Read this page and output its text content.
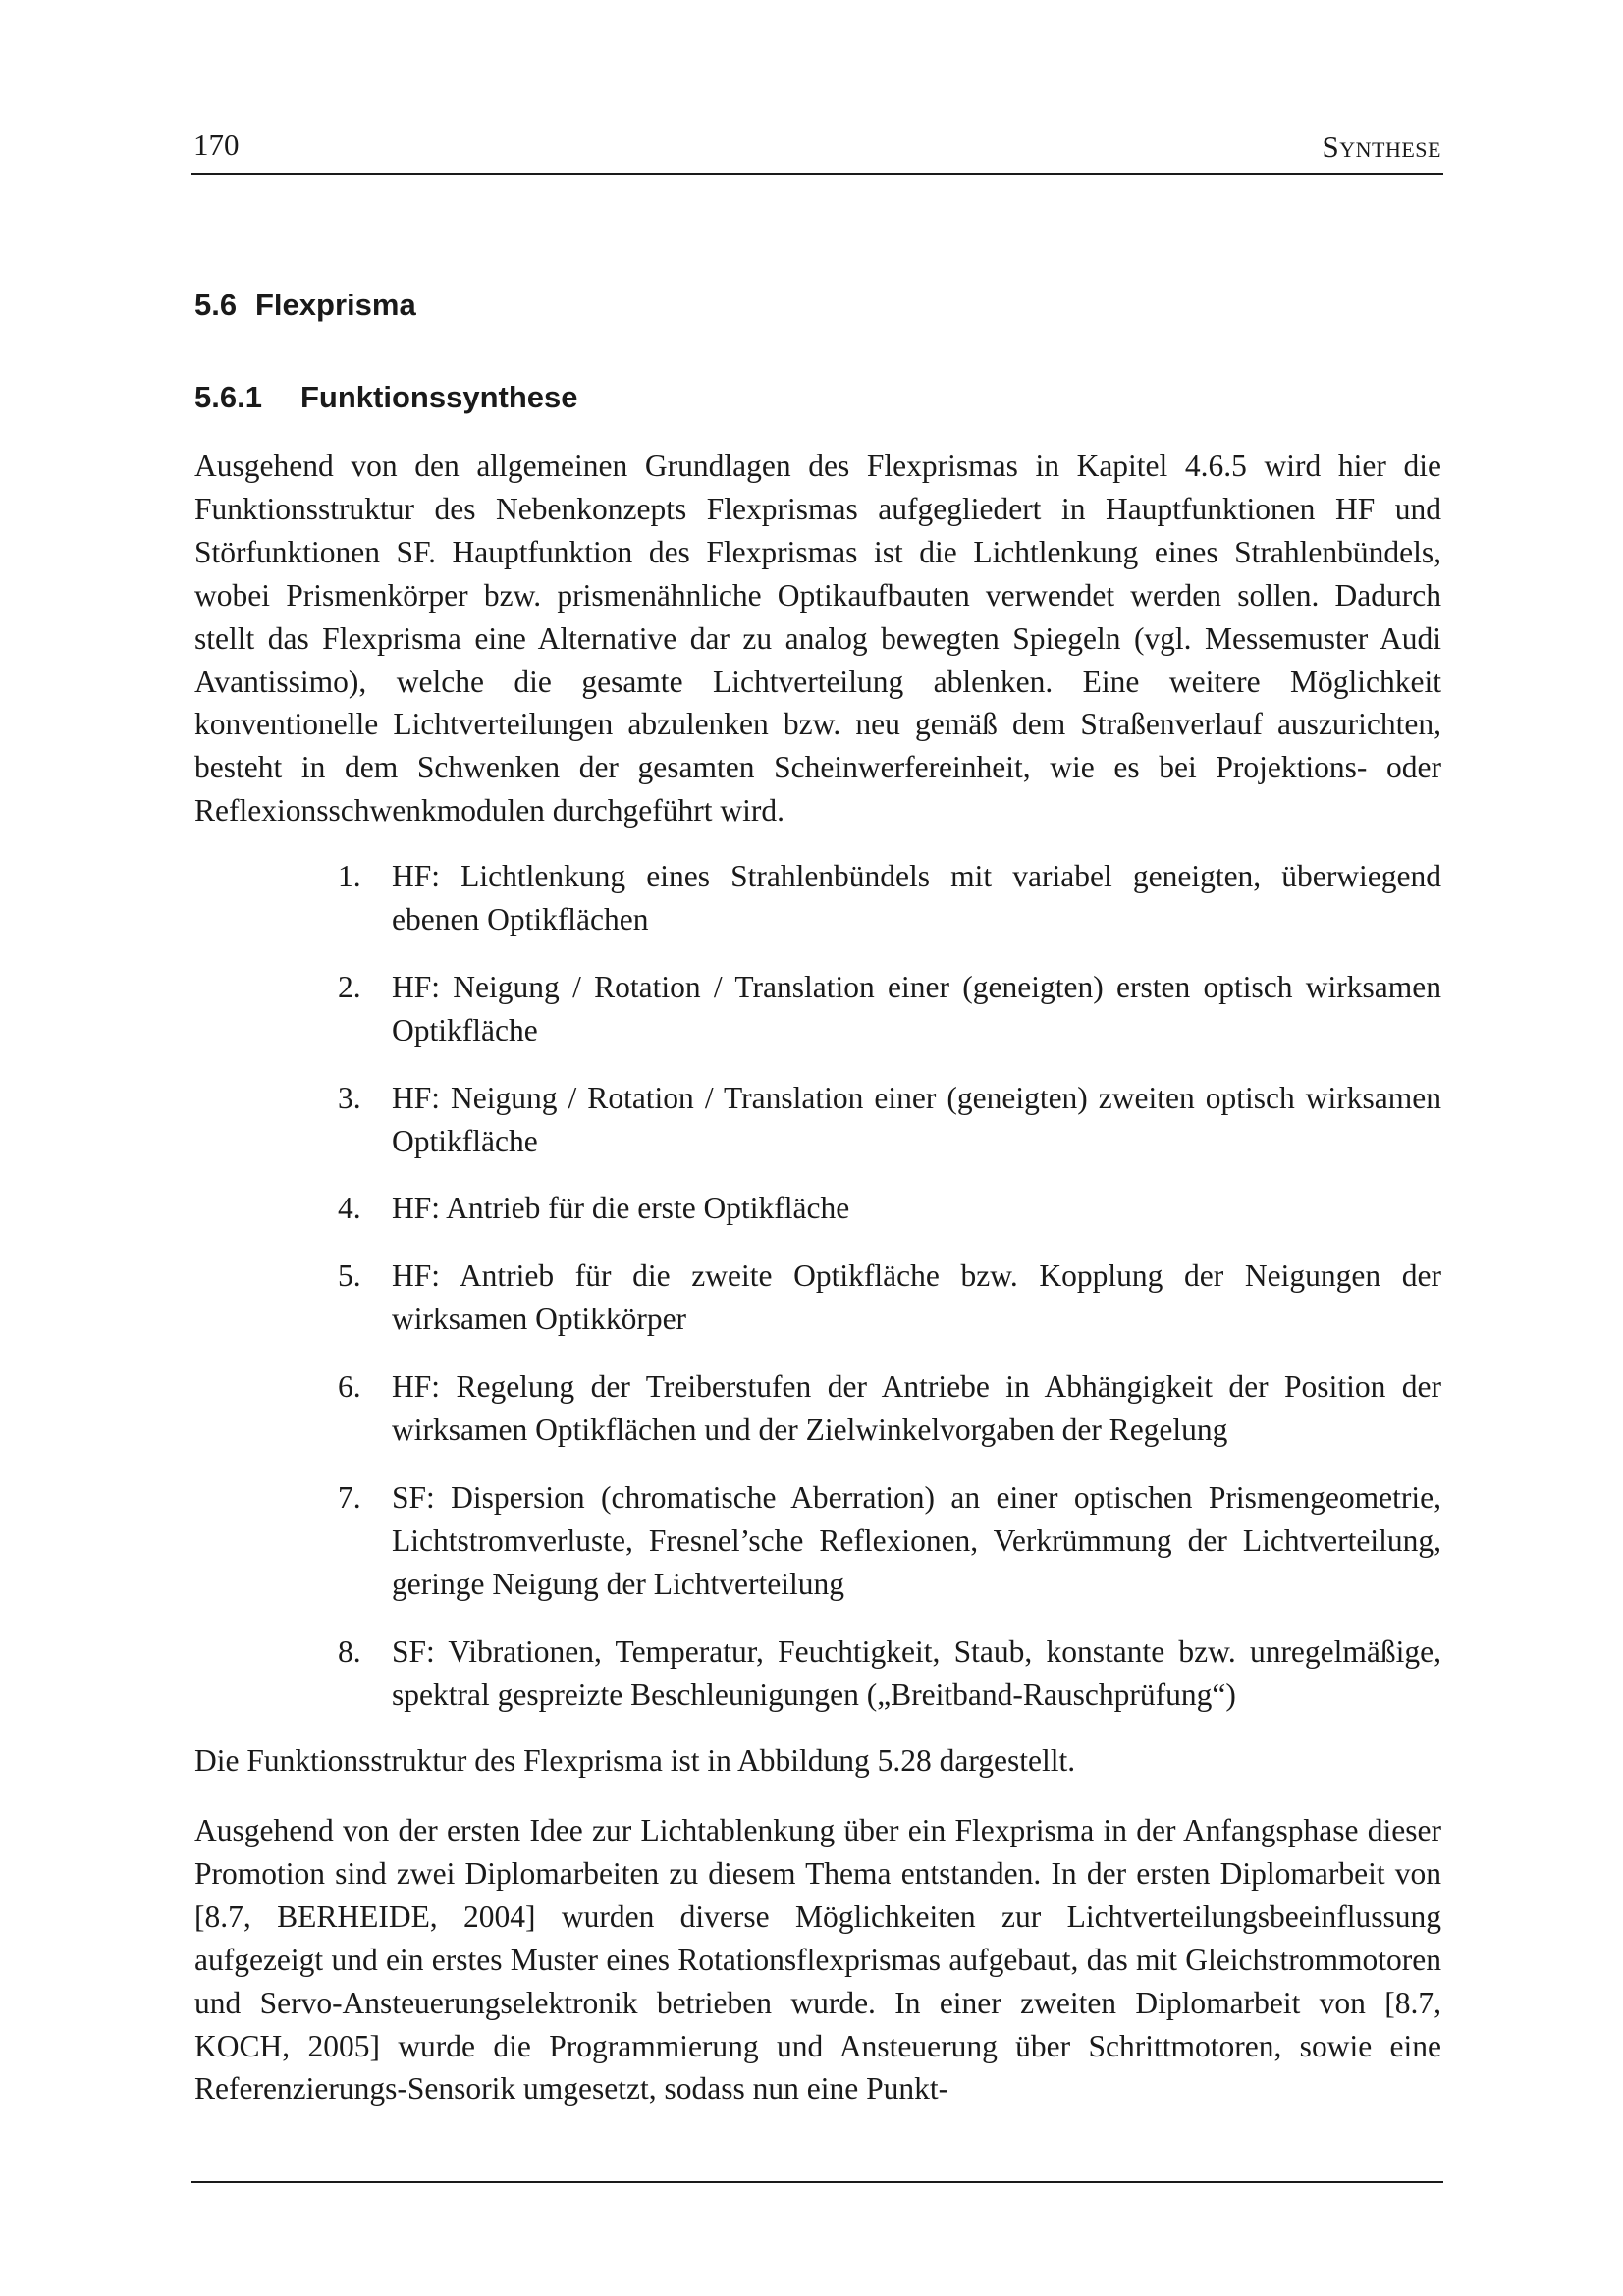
170	Synthese
5.6 Flexprisma
5.6.1 Funktionssynthese

Ausgehend von den allgemeinen Grundlagen des Flexprismas in Kapitel 4.6.5 wird hier die Funktionsstruktur des Nebenkonzepts Flexprismas aufgegliedert in Hauptfunktionen HF und Störfunktionen SF. Hauptfunktion des Flexprismas ist die Lichtlenkung eines Strahlenbündels, wobei Prismenkörper bzw. prismenähnliche Optikaufbauten verwendet werden sollen. Dadurch stellt das Flexprisma eine Alternative dar zu analog bewegten Spiegeln (vgl. Messemuster Audi Avantissimo), welche die gesamte Lichtverteilung ablenken. Eine weitere Möglichkeit konventionelle Lichtverteilungen abzulenken bzw. neu gemäß dem Straßenverlauf auszurichten, besteht in dem Schwenken der gesamten Scheinwerfereinheit, wie es bei Projektions- oder Reflexionsschwenkmodulen durchgeführt wird.

1. HF: Lichtlenkung eines Strahlenbündels mit variabel geneigten, überwiegend ebenen Optikflächen
2. HF: Neigung / Rotation / Translation einer (geneigten) ersten optisch wirksamen Optikfläche
3. HF: Neigung / Rotation / Translation einer (geneigten) zweiten optisch wirksamen Optikfläche
4. HF: Antrieb für die erste Optikfläche
5. HF: Antrieb für die zweite Optikfläche bzw. Kopplung der Neigungen der wirksamen Optikkörper
6. HF: Regelung der Treiberstufen der Antriebe in Abhängigkeit der Position der wirksamen Optikflächen und der Zielwinkelvorgaben der Regelung
7. SF: Dispersion (chromatische Aberration) an einer optischen Prismengeometrie, Lichtstromverluste, Fresnel’sche Reflexionen, Verkrümmung der Lichtverteilung, geringe Neigung der Lichtverteilung
8. SF: Vibrationen, Temperatur, Feuchtigkeit, Staub, konstante bzw. unregelmäßige, spektral gespreizte Beschleunigungen („Breitband-Rauschprüfung“)

Die Funktionsstruktur des Flexprisma ist in Abbildung 5.28 dargestellt.

Ausgehend von der ersten Idee zur Lichtablenkung über ein Flexprisma in der Anfangsphase dieser Promotion sind zwei Diplomarbeiten zu diesem Thema entstanden. In der ersten Diplomarbeit von [8.7, BERHEIDE, 2004] wurden diverse Möglichkeiten zur Lichtverteilungsbeeinflussung aufgezeigt und ein erstes Muster eines Rotationsflexprismas aufgebaut, das mit Gleichstrommotoren und Servo-Ansteuerungselektronik betrieben wurde. In einer zweiten Diplomarbeit von [8.7, KOCH, 2005] wurde die Programmierung und Ansteuerung über Schrittmotoren, sowie eine Referenzierungs-Sensorik umgesetzt, sodass nun eine Punkt-
